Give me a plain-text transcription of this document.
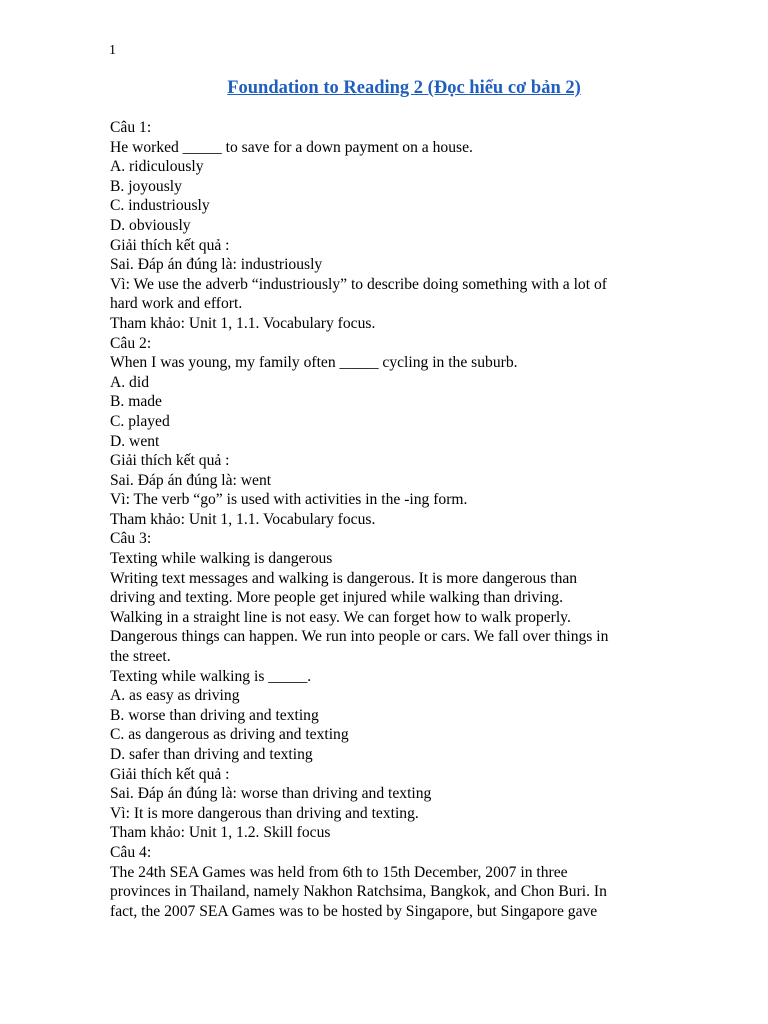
1
Foundation to Reading 2 (Đọc hiểu cơ bản 2)
Câu 1:
He worked _____ to save for a down payment on a house.
A. ridiculously
B. joyously
C. industriously
D. obviously
Giải thích kết quả :
Sai. Đáp án đúng là: industriously
Vì: We use the adverb “industriously” to describe doing something with a lot of
hard work and effort.
Tham khảo: Unit 1, 1.1. Vocabulary focus.
Câu 2:
When I was young, my family often _____ cycling in the suburb.
A. did
B. made
C. played
D. went
Giải thích kết quả :
Sai. Đáp án đúng là: went
Vì: The verb “go” is used with activities in the -ing form.
Tham khảo: Unit 1, 1.1. Vocabulary focus.
Câu 3:
Texting while walking is dangerous
Writing text messages and walking is dangerous. It is more dangerous than
driving and texting. More people get injured while walking than driving.
Walking in a straight line is not easy. We can forget how to walk properly.
Dangerous things can happen. We run into people or cars. We fall over things in
the street.
Texting while walking is _____.
A. as easy as driving
B. worse than driving and texting
C. as dangerous as driving and texting
D. safer than driving and texting
Giải thích kết quả :
Sai. Đáp án đúng là: worse than driving and texting
Vì: It is more dangerous than driving and texting.
Tham khảo: Unit 1, 1.2. Skill focus
Câu 4:
The 24th SEA Games was held from 6th to 15th December, 2007 in three
provinces in Thailand, namely Nakhon Ratchsima, Bangkok, and Chon Buri. In
fact, the 2007 SEA Games was to be hosted by Singapore, but Singapore gave
